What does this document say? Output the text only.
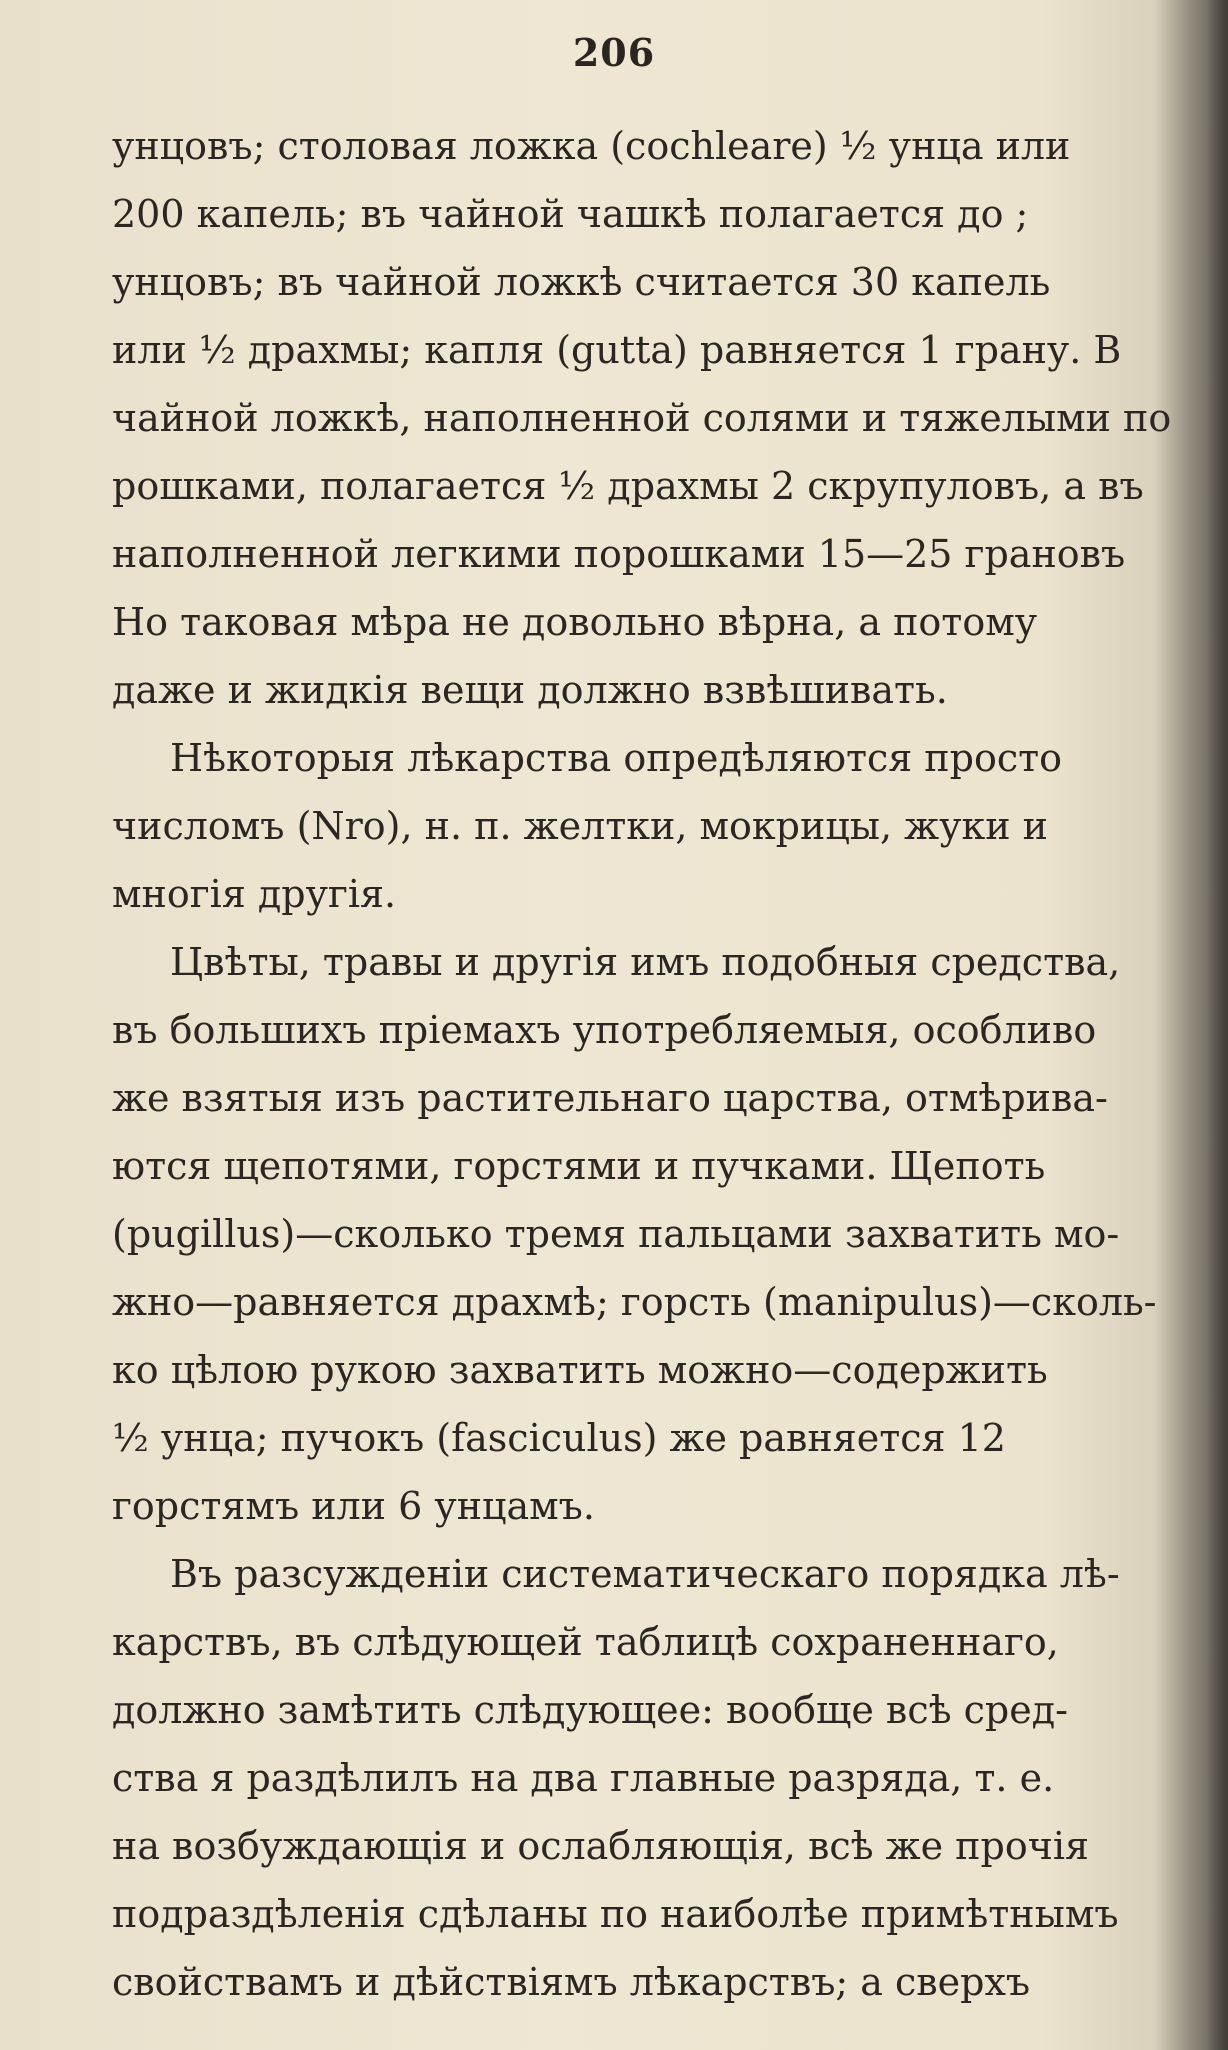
206
унцовъ; столовая ложка (cochleare) ½ унца или
200 капель; въ чайной чашкѣ полагается до ;
унцовъ; въ чайной ложкѣ считается 30 капель
или ½ драхмы; капля (gutta) равняется 1 грану. В
чайной ложкѣ, наполненной солями и тяжелыми по
рошками, полагается ½ драхмы 2 скрупуловъ, а въ
наполненной легкими порошками 15—25 грановъ
Но таковая мѣра не довольно вѣрна, а потому
даже и жидкія вещи должно взвѣшивать.
Нѣкоторыя лѣкарства опредѣляются просто
числомъ (Nro), н. п. желтки, мокрицы, жуки и
многія другія.
Цвѣты, травы и другія имъ подобныя средства,
въ большихъ пріемахъ употребляемыя, особливо
же взятыя изъ растительнаго царства, отмѣрива-
ются щепотями, горстями и пучками. Щепоть
(pugillus)—сколько тремя пальцами захватить мо-
жно—равняется драхмѣ; горсть (manipulus)—сколь-
ко цѣлою рукою захватить можно—содержить
½ унца; пучокъ (fasciculus) же равняется 12
горстямъ или 6 унцамъ.
Въ разсужденіи систематическаго порядка лѣ-
карствъ, въ слѣдующей таблицѣ сохраненнаго,
должно замѣтить слѣдующее: вообще всѣ сред-
ства я раздѣлилъ на два главные разряда, т. е.
на возбуждающія и ослабляющія, всѣ же прочія
подраздѣленія сдѣланы по наиболѣе примѣтнымъ
свойствамъ и дѣйствіямъ лѣкарствъ; а сверхъ
